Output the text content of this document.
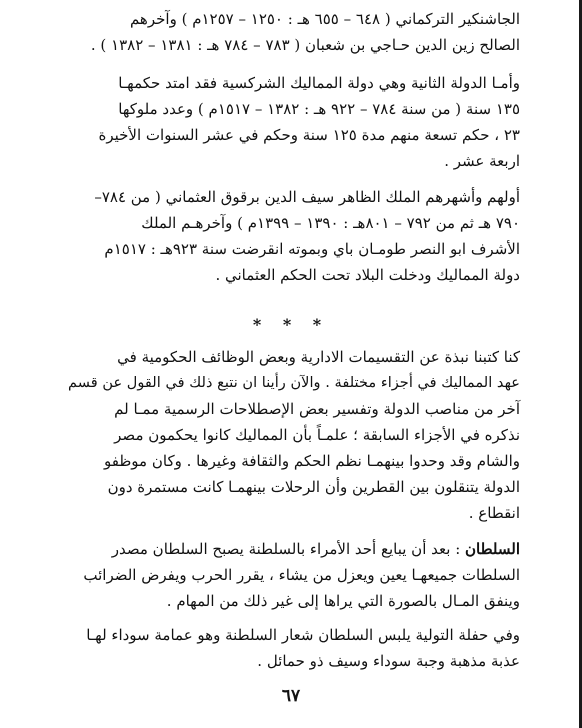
الجاشنكير التركماني ( ٦٤٨ – ٦٥٥ هـ : ١٢٥٠ – ١٢٥٧م ) وآخرهم
الصالح زين الدين حـاجي بن شعبان ( ٧٨٣ – ٧٨٤ هـ : ١٣٨١ – ١٣٨٢ ) .
وأمـا الدولة الثانية وهي دولة المماليك الشركسية فقد امتد حكمهـا
١٣٥ سنة ( من سنة ٧٨٤ – ٩٢٢ هـ : ١٣٨٢ – ١٥١٧م ) وعدد ملوكها
٢٣ ، حكم تسعة منهم مدة ١٢٥ سنة وحكم في عشر السنوات الأخيرة
اربعة عشر .
أولهم وأشهرهم الملك الظاهر سيف الدين برقوق العثماني ( من ٧٨٤–
٧٩٠ هـ ثم من ٧٩٢ – ٨٠١هـ : ١٣٩٠ – ١٣٩٩م ) وآخرهـم الملك
الأشرف ابو النصر طومـان باي وبموته انقرضت سنة ٩٢٣هـ : ١٥١٧م
دولة المماليك ودخلت البلاد تحت الحكم العثماني .
* * *
كنا كتبنا نبذة عن التقسيمات الادارية وبعض الوظائف الحكومية في
عهد المماليك في أجزاء مختلفة . والآن رأينا ان نتبع ذلك في القول عن قسم
آخر من مناصب الدولة وتفسير بعض الإصطلاحات الرسمية ممـا لم
نذكره في الأجزاء السابقة ؛ علمـاً بأن المماليك كانوا يحكمون مصر
والشام وقد وحدوا بينهمـا نظم الحكم والثقافة وغيرها . وكان موظفو
الدولة يتنقلون بين القطرين وأن الرحلات بينهمـا كانت مستمرة دون
انقطاع .
السلطان : بعد أن يبايع أحد الأمراء بالسلطنة يصبح السلطان مصدر
السلطات جميعهـا يعين ويعزل من يشاء ، يقرر الحرب ويفرض الضرائب
وينفق المـال بالصورة التي يراها إلى غير ذلك من المهام .
وفي حفلة التولية يلبس السلطان شعار السلطنة وهو عمامة سوداء لهـا
عذبة مذهبة وجبة سوداء وسيف ذو حمائل .
٦٧
